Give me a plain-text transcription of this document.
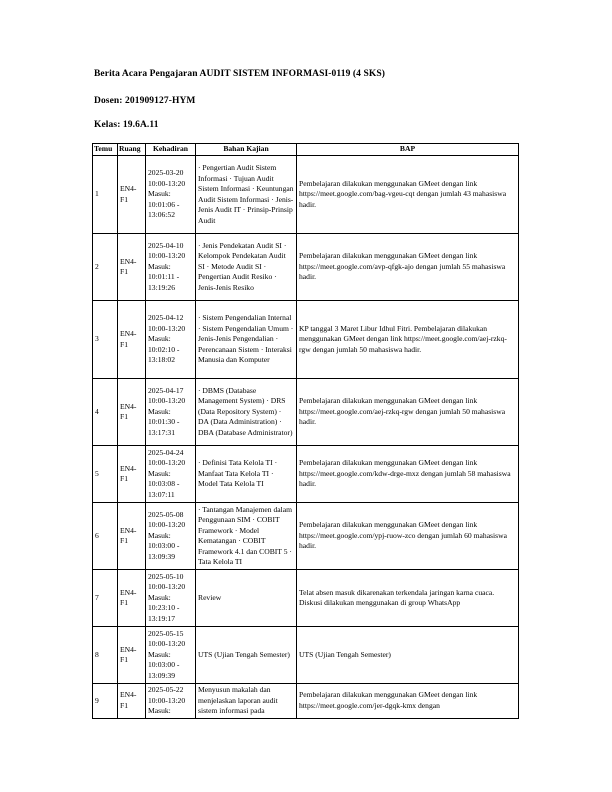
Berita Acara Pengajaran AUDIT SISTEM INFORMASI-0119 (4 SKS)
Dosen: 201909127-HYM
Kelas: 19.6A.11
Temu	Ruang	Kehadiran	Bahan Kajian	BAP
1	EN4-F1	2025-03-20 10:00-13:20 Masuk: 10:01:06 - 13:06:52	· Pengertian Audit Sistem Informasi · Tujuan Audit Sistem Informasi · Keuntungan Audit Sistem Informasi · Jenis-Jenis Audit IT · Prinsip-Prinsip Audit	Pembelajaran dilakukan menggunakan GMeet dengan link https://meet.google.com/bag-vgeu-cqt dengan jumlah 43 mahasiswa hadir.
2	EN4-F1	2025-04-10 10:00-13:20 Masuk: 10:01:11 - 13:19:26	· Jenis Pendekatan Audit SI · Kelompok Pendekatan Audit SI · Metode Audit SI · Pengertian Audit Resiko · Jenis-Jenis Resiko	Pembelajaran dilakukan menggunakan GMeet dengan link https://meet.google.com/avp-qfgk-ajo dengan jumlah 55 mahasiswa hadir.
3	EN4-F1	2025-04-12 10:00-13:20 Masuk: 10:02:10 - 13:18:02	· Sistem Pengendalian Internal · Sistem Pengendalian Umum · Jenis-Jenis Pengendalian · Perencanaan Sistem · Interaksi Manusia dan Komputer	KP tanggal 3 Maret Libur Idhul Fitri. Pembelajaran dilakukan menggunakan GMeet dengan link https://meet.google.com/aej-rzkq-rgw dengan jumlah 50 mahasiswa hadir.
4	EN4-F1	2025-04-17 10:00-13:20 Masuk: 10:01:30 - 13:17:31	· DBMS (Database Management System) · DRS (Data Repository System) · DA (Data Administration) · DBA (Database Administrator)	Pembelajaran dilakukan menggunakan GMeet dengan link https://meet.google.com/aej-rzkq-rgw dengan jumlah 50 mahasiswa hadir.
5	EN4-F1	2025-04-24 10:00-13:20 Masuk: 10:03:08 - 13:07:11	· Definisi Tata Kelola TI · Manfaat Tata Kelola TI · Model Tata Kelola TI	Pembelajaran dilakukan menggunakan GMeet dengan link https://meet.google.com/kdw-drge-mxz dengan jumlah 58 mahasiswa hadir.
6	EN4-F1	2025-05-08 10:00-13:20 Masuk: 10:03:00 - 13:09:39	· Tantangan Manajemen dalam Penggunaan SIM · COBIT Framework · Model Kematangan · COBIT Framework 4.1 dan COBIT 5 · Tata Kelola TI	Pembelajaran dilakukan menggunakan GMeet dengan link https://meet.google.com/ypj-ruow-zco dengan jumlah 60 mahasiswa hadir.
7	EN4-F1	2025-05-10 10:00-13:20 Masuk: 10:23:10 - 13:19:17	Review	Telat absen masuk dikarenakan terkendala jaringan karna cuaca. Diskusi dilakukan menggunakan di group WhatsApp
8	EN4-F1	2025-05-15 10:00-13:20 Masuk: 10:03:00 - 13:09:39	UTS (Ujian Tengah Semester)	UTS (Ujian Tengah Semester)
9	EN4-F1	2025-05-22 10:00-13:20 Masuk:	Menyusun makalah dan menjelaskan laporan audit sistem informasi pada	Pembelajaran dilakukan menggunakan GMeet dengan link https://meet.google.com/jer-dgqk-kmx dengan
